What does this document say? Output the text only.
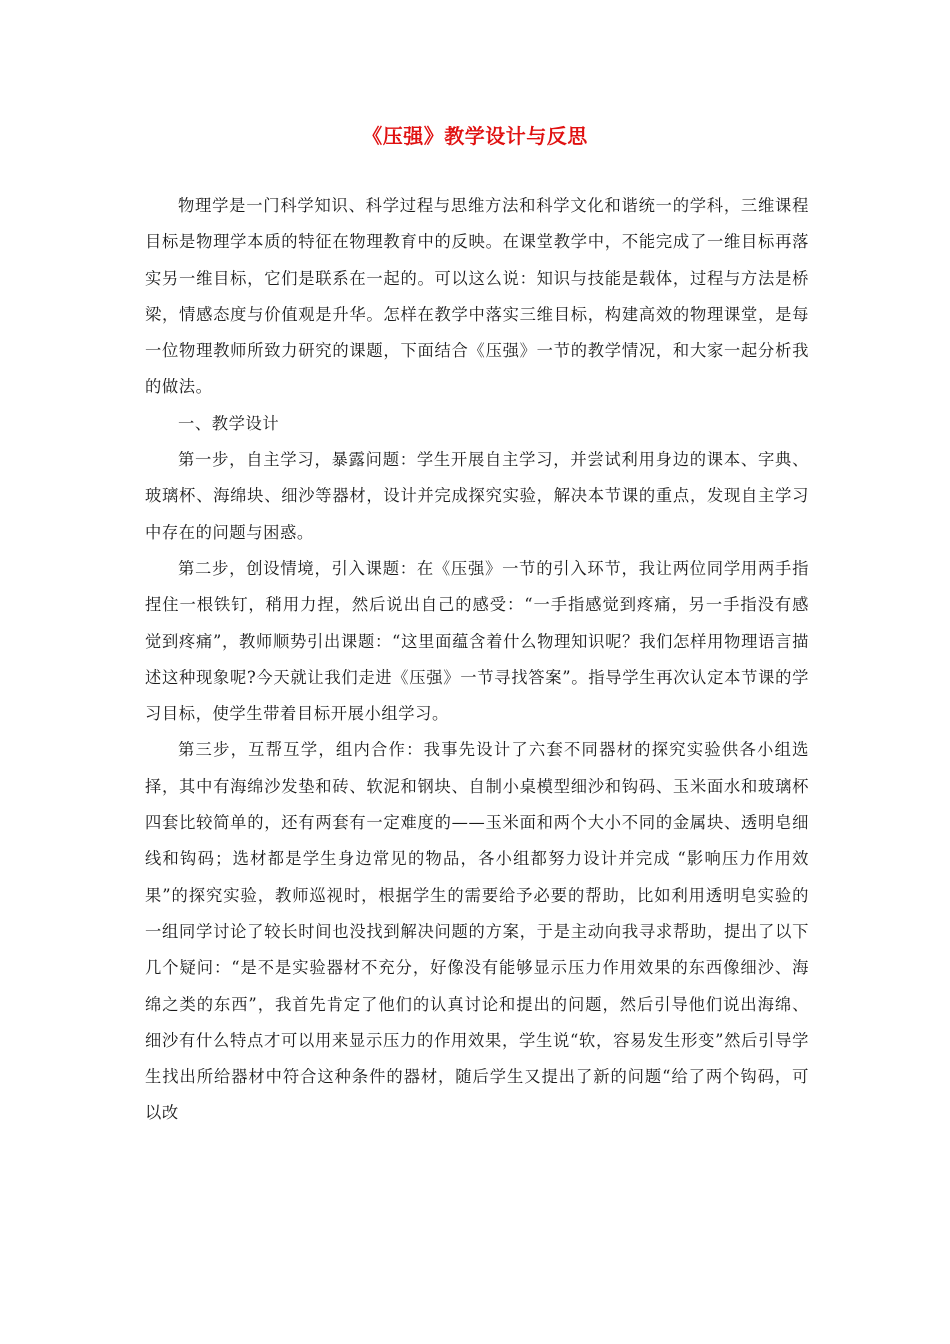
《压强》教学设计与反思

物理学是一门科学知识、科学过程与思维方法和科学文化和谐统一的学科，三维课程目标是物理学本质的特征在物理教育中的反映。在课堂教学中，不能完成了一维目标再落实另一维目标，它们是联系在一起的。可以这么说：知识与技能是载体，过程与方法是桥梁，情感态度与价值观是升华。怎样在教学中落实三维目标，构建高效的物理课堂，是每一位物理教师所致力研究的课题，下面结合《压强》一节的教学情况，和大家一起分析我的做法。

一、教学设计

第一步，自主学习，暴露问题：学生开展自主学习，并尝试利用身边的课本、字典、玻璃杯、海绵块、细沙等器材，设计并完成探究实验，解决本节课的重点，发现自主学习中存在的问题与困惑。

第二步，创设情境，引入课题：在《压强》一节的引入环节，我让两位同学用两手指捏住一根铁钉，稍用力捏，然后说出自己的感受：“一手指感觉到疼痛，另一手指没有感觉到疼痛”，教师顺势引出课题：“这里面蕴含着什么物理知识呢？我们怎样用物理语言描述这种现象呢?今天就让我们走进《压强》一节寻找答案”。指导学生再次认定本节课的学习目标，使学生带着目标开展小组学习。

第三步，互帮互学，组内合作：我事先设计了六套不同器材的探究实验供各小组选择，其中有海绵沙发垫和砖、软泥和钢块、自制小桌模型细沙和钩码、玉米面水和玻璃杯四套比较简单的，还有两套有一定难度的——玉米面和两个大小不同的金属块、透明皂细线和钩码；选材都是学生身边常见的物品，各小组都努力设计并完成 “影响压力作用效果”的探究实验，教师巡视时，根据学生的需要给予必要的帮助，比如利用透明皂实验的一组同学讨论了较长时间也没找到解决问题的方案，于是主动向我寻求帮助，提出了以下几个疑问：“是不是实验器材不充分，好像没有能够显示压力作用效果的东西像细沙、海绵之类的东西”，我首先肯定了他们的认真讨论和提出的问题，然后引导他们说出海绵、细沙有什么特点才可以用来显示压力的作用效果，学生说“软，容易发生形变”然后引导学生找出所给器材中符合这种条件的器材，随后学生又提出了新的问题“给了两个钩码，可以改
